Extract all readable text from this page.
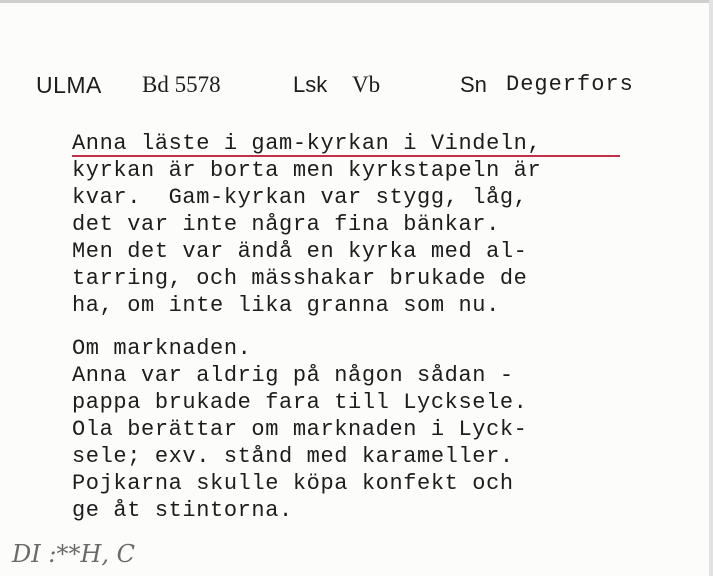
ULMA Bd 5578	Lsk Vb	Sn Degerfors
Anna läste i gam-kyrkan i Vindeln,
kyrkan är borta men kyrkstapeln är
kvar.  Gam-kyrkan var stygg, låg,
det var inte några fina bänkar.
Men det var ändå en kyrka med al-
tarring, och mässhakar brukade de
ha, om inte lika granna som nu.
Om marknaden.
Anna var aldrig på någon sådan -
pappa brukade fara till Lycksele.
Ola berättar om marknaden i Lyck-
sele; exv. stånd med karameller.
Pojkarna skulle köpa konfekt och
ge åt stintorna.
DI :**H, C
